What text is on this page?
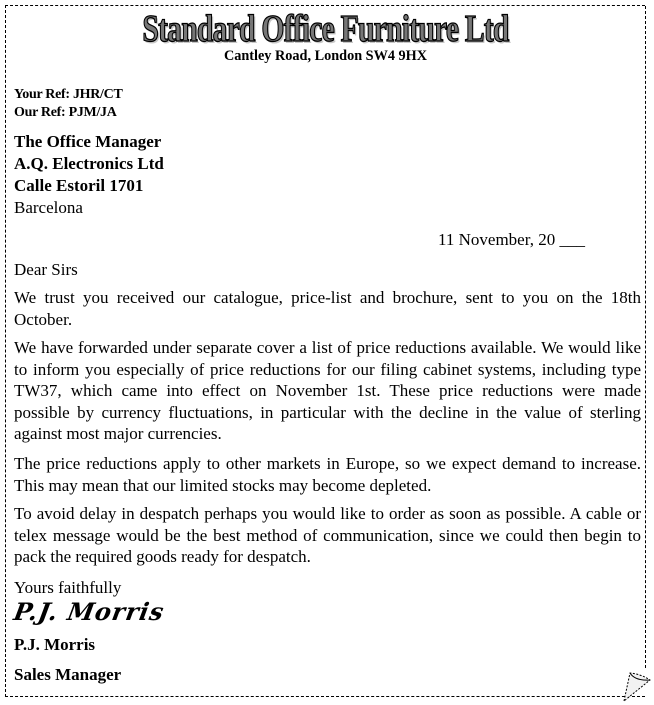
Standard Office Furniture Ltd
Cantley Road, London SW4 9HX
Your Ref: JHR/CT
Our Ref: PJM/JA
The Office Manager
A.Q. Electronics Ltd
Calle Estoril 1701
Barcelona
11 November, 20 ___
Dear Sirs

We trust you received our catalogue, price-list and brochure, sent to you on the 18th October.

We have forwarded under separate cover a list of price reductions available. We would like to inform you especially of price reductions for our filing cabinet systems, including type TW37, which came into effect on November 1st. These price reductions were made possible by currency fluctuations, in particular with the decline in the value of sterling against most major currencies.

The price reductions apply to other markets in Europe, so we expect demand to increase. This may mean that our limited stocks may become depleted.

To avoid delay in despatch perhaps you would like to order as soon as possible. A cable or telex message would be the best method of communication, since we could then begin to pack the required goods ready for despatch.

Yours faithfully
P.J. Morris
P.J. Morris
Sales Manager
